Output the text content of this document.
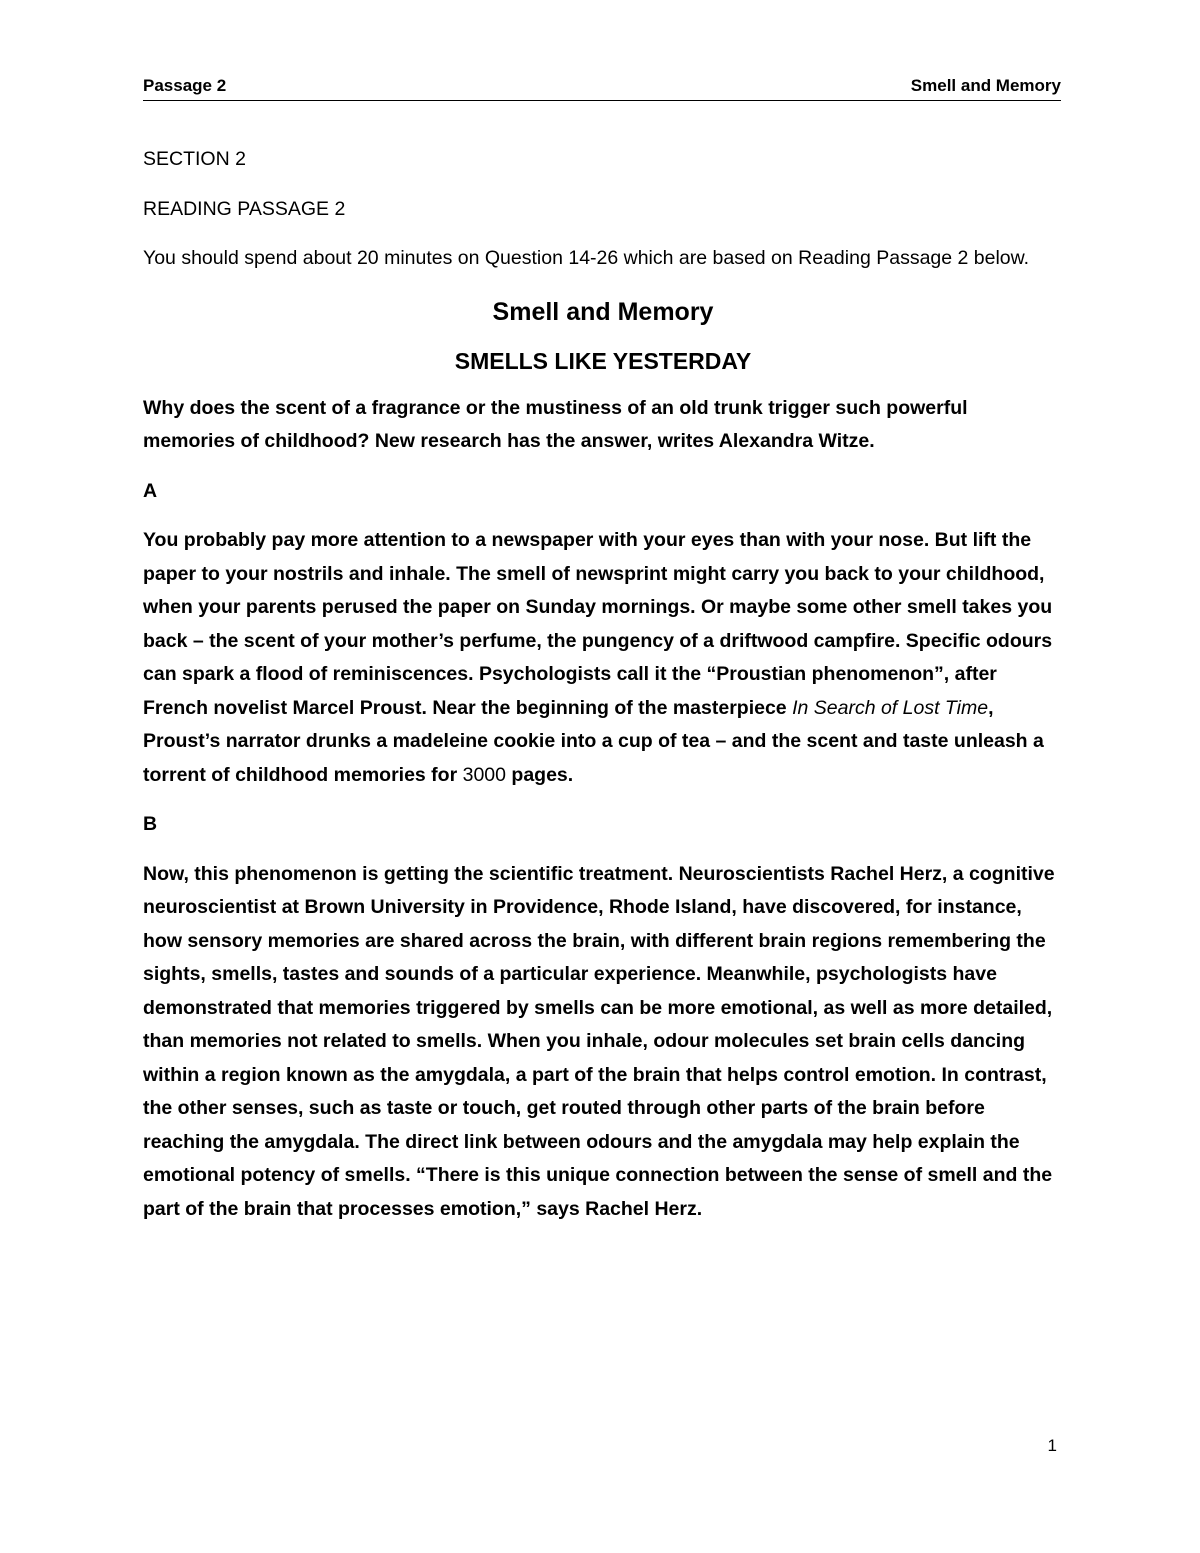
Passage 2	Smell and Memory

SECTION 2

READING PASSAGE 2

You should spend about 20 minutes on Question 14-26 which are based on Reading Passage 2 below.

Smell and Memory

SMELLS LIKE YESTERDAY

Why does the scent of a fragrance or the mustiness of an old trunk trigger such powerful memories of childhood? New research has the answer, writes Alexandra Witze.

A

You probably pay more attention to a newspaper with your eyes than with your nose. But lift the paper to your nostrils and inhale. The smell of newsprint might carry you back to your childhood, when your parents perused the paper on Sunday mornings. Or maybe some other smell takes you back – the scent of your mother’s perfume, the pungency of a driftwood campfire. Specific odours can spark a flood of reminiscences. Psychologists call it the “Proustian phenomenon”, after French novelist Marcel Proust. Near the beginning of the masterpiece In Search of Lost Time, Proust’s narrator drunks a madeleine cookie into a cup of tea – and the scent and taste unleash a torrent of childhood memories for 3000 pages.

B

Now, this phenomenon is getting the scientific treatment. Neuroscientists Rachel Herz, a cognitive neuroscientist at Brown University in Providence, Rhode Island, have discovered, for instance, how sensory memories are shared across the brain, with different brain regions remembering the sights, smells, tastes and sounds of a particular experience. Meanwhile, psychologists have demonstrated that memories triggered by smells can be more emotional, as well as more detailed, than memories not related to smells. When you inhale, odour molecules set brain cells dancing within a region known as the amygdala, a part of the brain that helps control emotion. In contrast, the other senses, such as taste or touch, get routed through other parts of the brain before reaching the amygdala. The direct link between odours and the amygdala may help explain the emotional potency of smells. “There is this unique connection between the sense of smell and the part of the brain that processes emotion,” says Rachel Herz.

1
